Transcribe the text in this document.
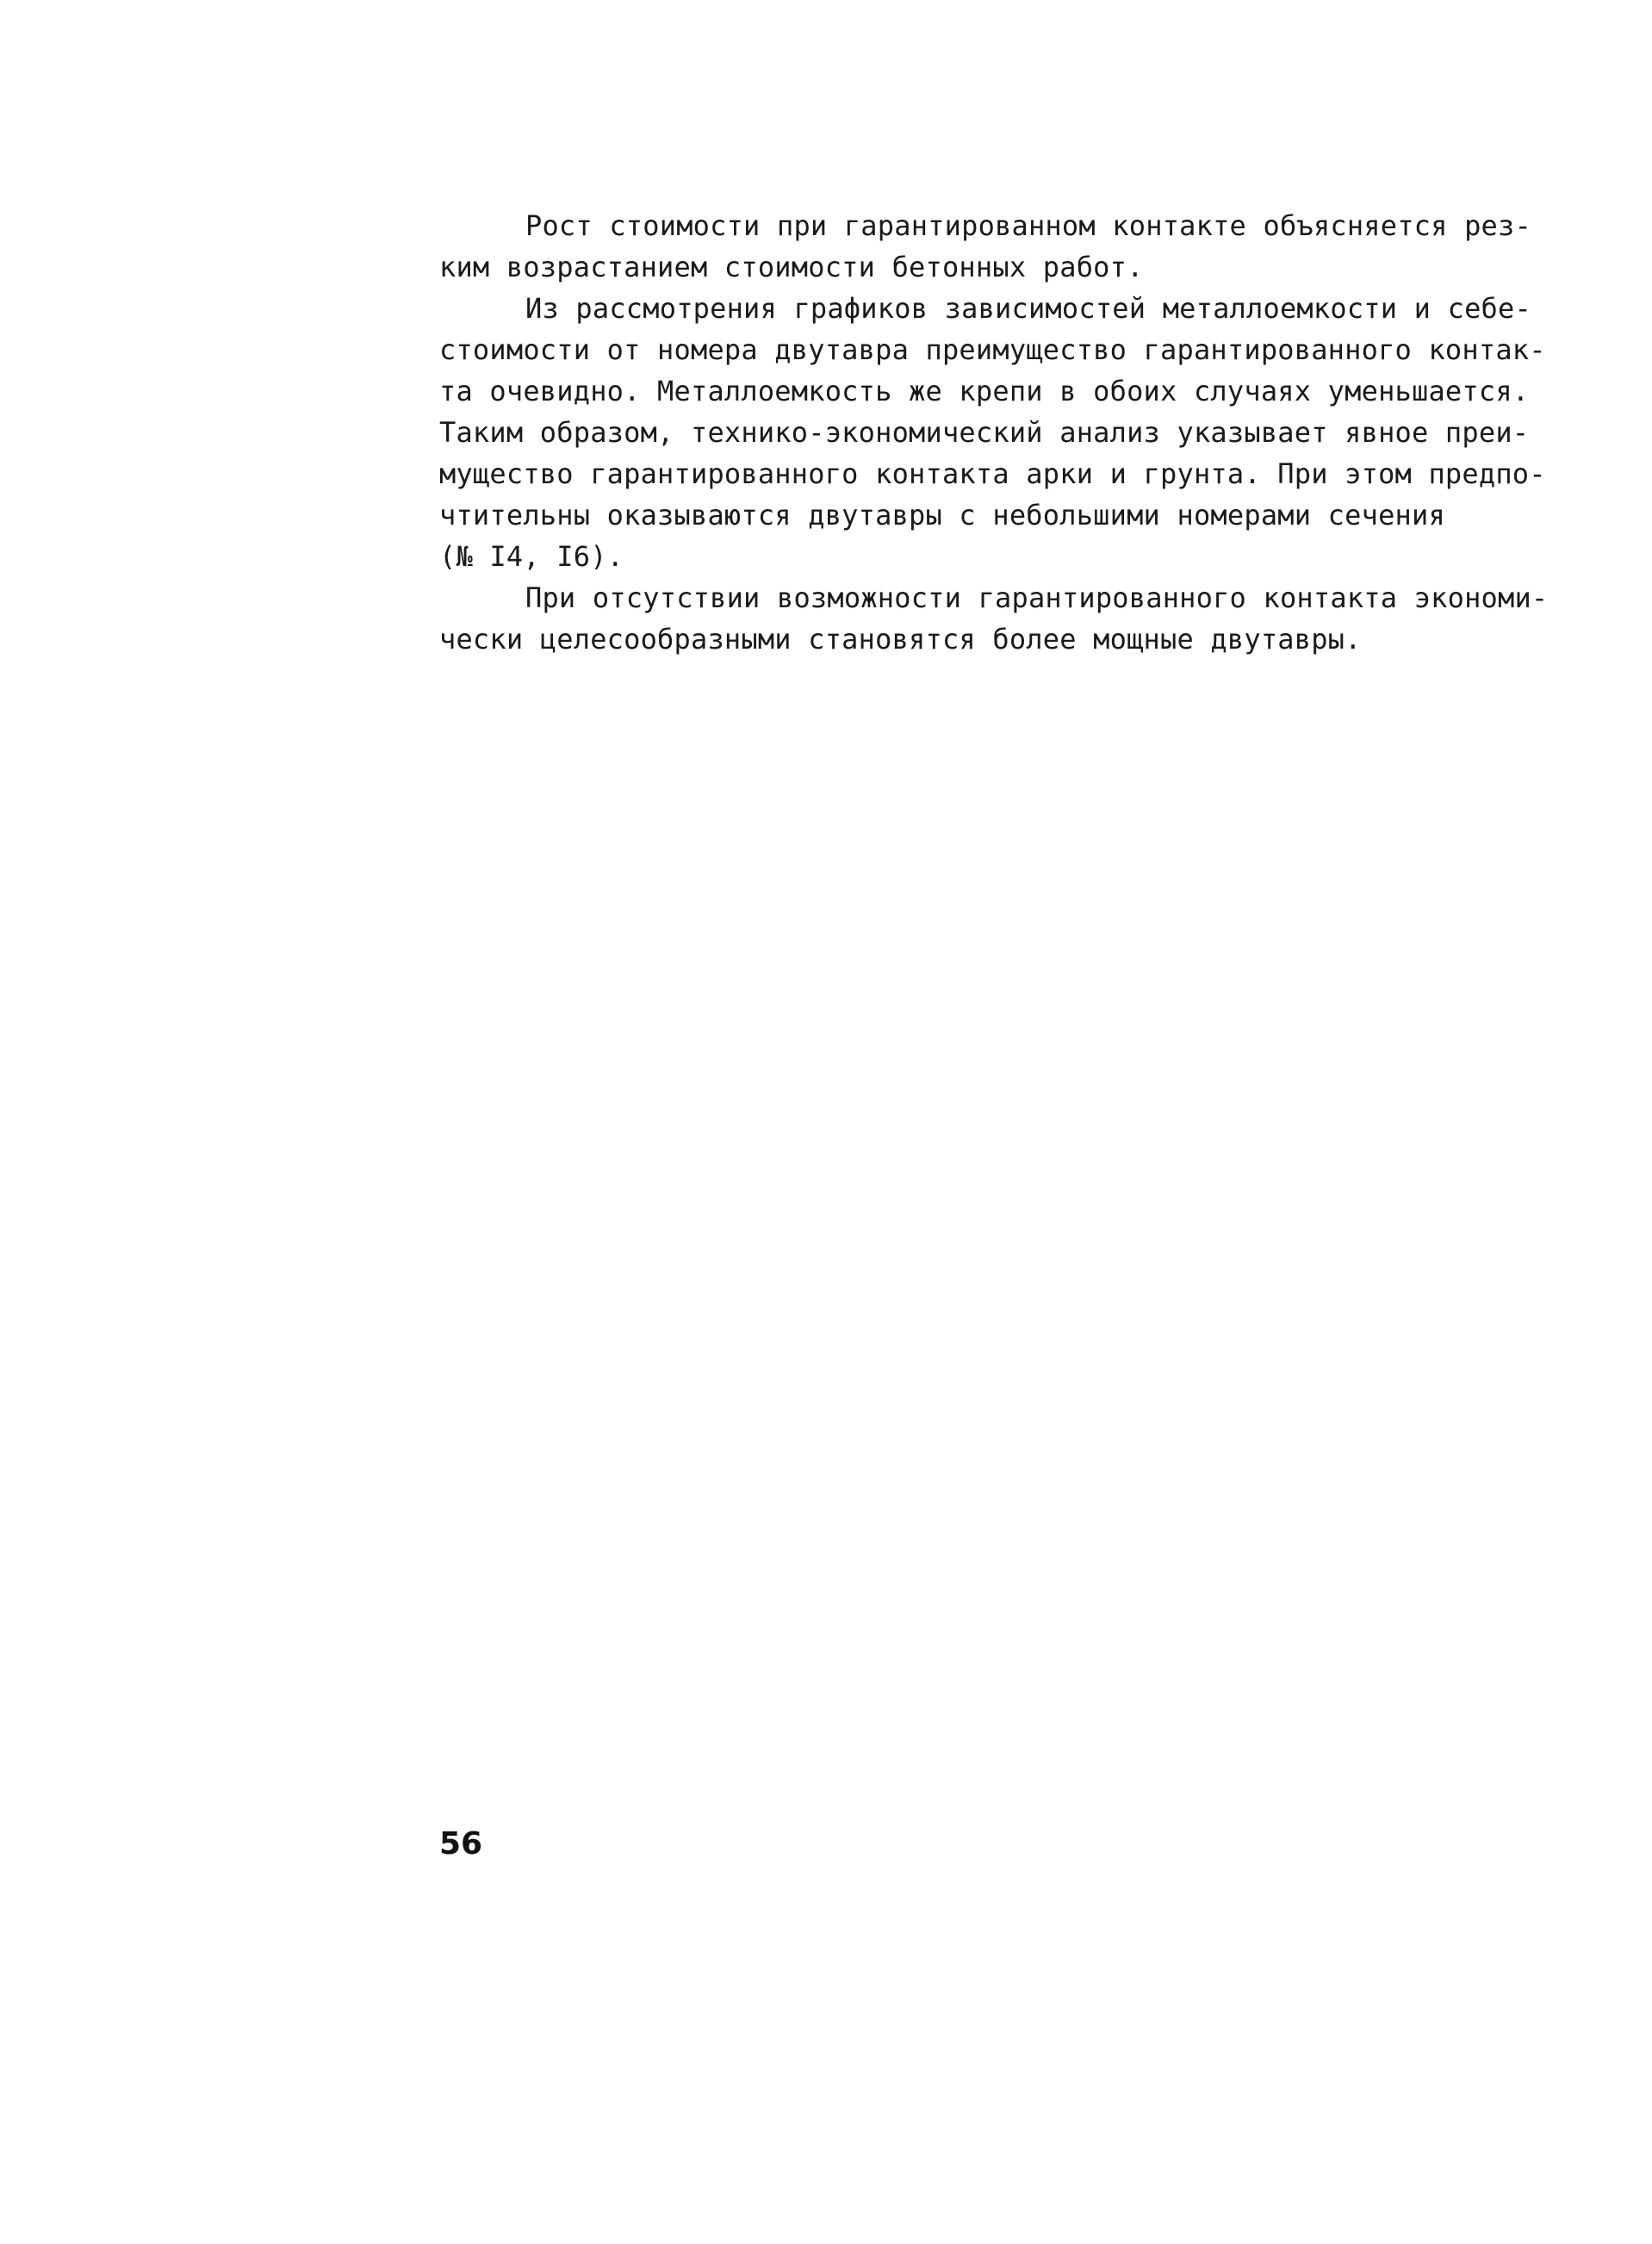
Рост стоимости при гарантированном контакте объясняется рез-
ким возрастанием стоимости бетонных работ.
Из рассмотрения графиков зависимостей металлоемкости и себе-
стоимости от номера двутавра преимущество гарантированного контак-
та очевидно. Металлоемкость же крепи в обоих случаях уменьшается.
Таким образом, технико-экономический анализ указывает явное преи-
мущество гарантированного контакта арки и грунта. При этом предпо-
чтительны оказываются двутавры с небольшими номерами сечения
(№ I4, I6).
При отсутствии возможности гарантированного контакта экономи-
чески целесообразными становятся более мощные двутавры.
56
